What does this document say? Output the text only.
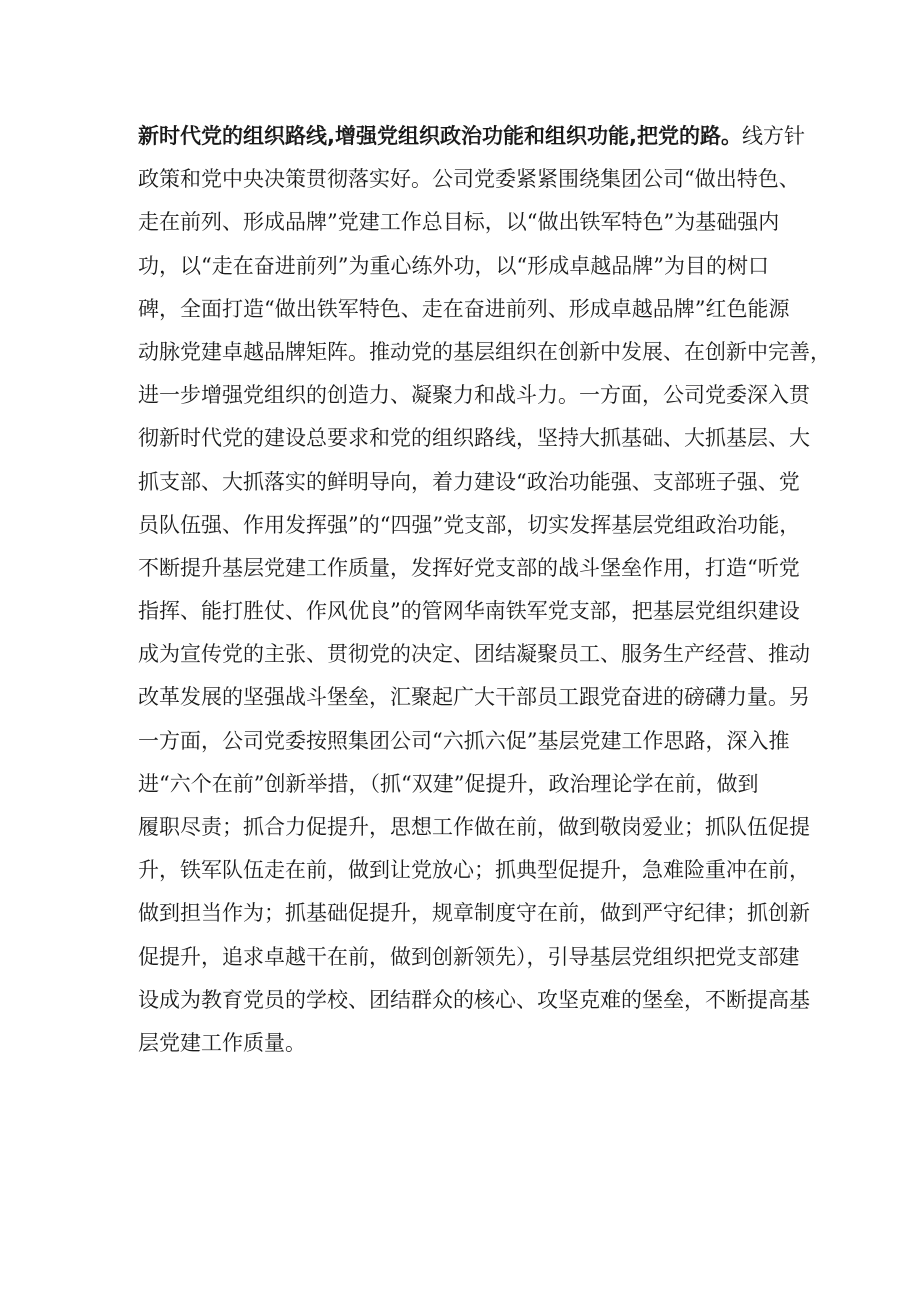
新时代党的组织路线,增强党组织政治功能和组织功能,把党的路。线方针
政策和党中央决策贯彻落实好。公司党委紧紧围绕集团公司“做出特色、
走在前列、形成品牌”党建工作总目标，以“做出铁军特色”为基础强内
功，以“走在奋进前列”为重心练外功，以“形成卓越品牌”为目的树口
碑，全面打造“做出铁军特色、走在奋进前列、形成卓越品牌”红色能源
动脉党建卓越品牌矩阵。推动党的基层组织在创新中发展、在创新中完善，
进一步增强党组织的创造力、凝聚力和战斗力。一方面，公司党委深入贯
彻新时代党的建设总要求和党的组织路线，坚持大抓基础、大抓基层、大
抓支部、大抓落实的鲜明导向，着力建设“政治功能强、支部班子强、党
员队伍强、作用发挥强”的“四强”党支部，切实发挥基层党组政治功能，
不断提升基层党建工作质量，发挥好党支部的战斗堡垒作用，打造“听党
指挥、能打胜仗、作风优良”的管网华南铁军党支部，把基层党组织建设
成为宣传党的主张、贯彻党的决定、团结凝聚员工、服务生产经营、推动
改革发展的坚强战斗堡垒，汇聚起广大干部员工跟党奋进的磅礴力量。另
一方面，公司党委按照集团公司“六抓六促”基层党建工作思路，深入推
进“六个在前”创新举措，（抓“双建”促提升，政治理论学在前，做到
履职尽责；抓合力促提升，思想工作做在前，做到敬岗爱业；抓队伍促提
升，铁军队伍走在前，做到让党放心；抓典型促提升，急难险重冲在前，
做到担当作为；抓基础促提升，规章制度守在前，做到严守纪律；抓创新
促提升，追求卓越干在前，做到创新领先），引导基层党组织把党支部建
设成为教育党员的学校、团结群众的核心、攻坚克难的堡垒，不断提高基
层党建工作质量。
